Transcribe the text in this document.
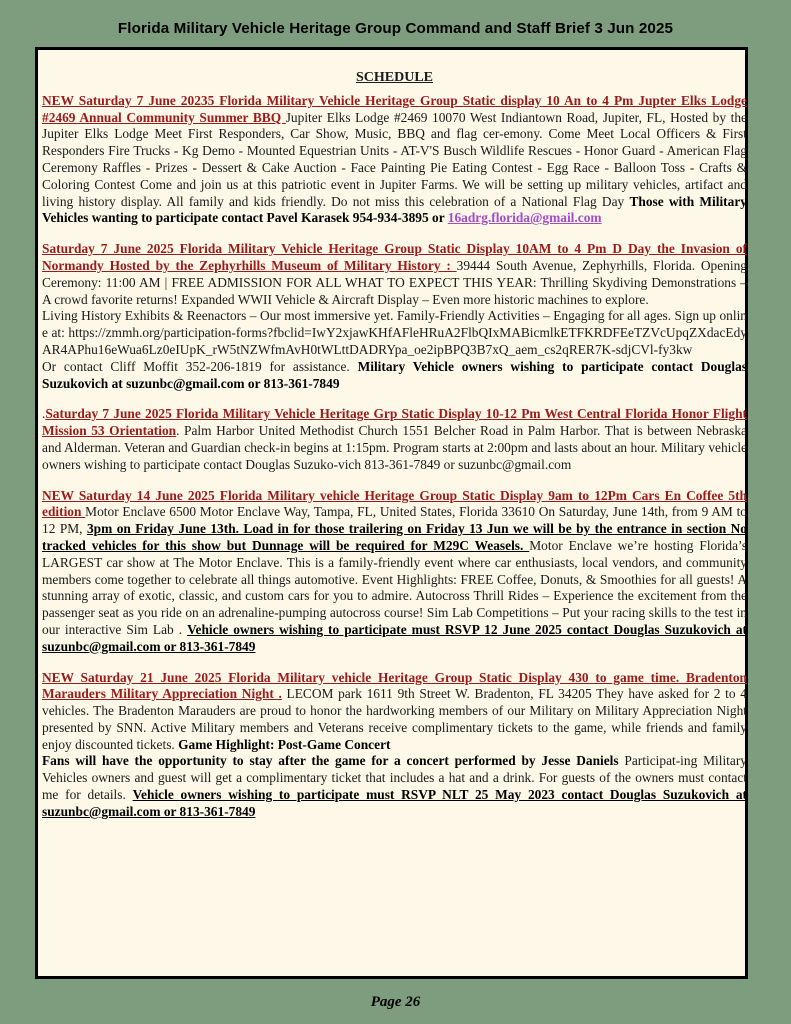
Florida Military Vehicle Heritage Group Command and Staff Brief 3 Jun 2025
SCHEDULE

NEW Saturday 7 June 20235 Florida Military Vehicle Heritage Group Static display 10 An to 4 Pm Jupter Elks Lodge #2469 Annual Community Summer BBQ Jupiter Elks Lodge #2469 10070 West Indiantown Road, Jupiter, FL, Hosted by the Jupiter Elks Lodge Meet First Responders, Car Show, Music, BBQ and flag cer-emony. Come Meet Local Officers & First Responders Fire Trucks - Kg Demo - Mounted Equestrian Units - AT-V'S Busch Wildlife Rescues - Honor Guard - American Flag Ceremony Raffles - Prizes - Dessert & Cake Auction - Face Painting Pie Eating Contest - Egg Race - Balloon Toss - Crafts & Coloring Contest Come and join us at this patriotic event in Jupiter Farms. We will be setting up military vehicles, artifact and living history display. All family and kids friendly. Do not miss this celebration of a National Flag Day Those with Military Vehicles wanting to participate contact Pavel Karasek 954-934-3895 or 16adrg.florida@gmail.com

Saturday 7 June 2025 Florida Military Vehicle Heritage Group Static Display 10AM to 4 Pm D Day the Invasion of Normandy Hosted by the Zephyrhills Museum of Military History : 39444 South Avenue, Zephyrhills, Florida. Opening Ceremony: 11:00 AM | FREE ADMISSION FOR ALL WHAT TO EXPECT THIS YEAR: Thrilling Skydiving Demonstrations – A crowd favorite returns! Expanded WWII Vehicle & Aircraft Display – Even more historic machines to explore.
Living History Exhibits & Reenactors – Our most immersive yet. Family-Friendly Activities – Engaging for all ages. Sign up online at: https://zmmh.org/participation-forms?fbclid=IwY2xjawKHfAFleHRuA2FlbQIxMABicmlkETFKRDFEeTZVcUpqZXdacEdyAR4APhu16eWua6Lz0eIUpK_rW5tNZWfmAvH0tWLttDADRYpa_oe2ipBPQ3B7xQ_aem_cs2qRER7K-sdjCVl-fy3kw
Or contact Cliff Moffit 352-206-1819 for assistance. Military Vehicle owners wishing to participate contact Douglas Suzukovich at suzunbc@gmail.com or 813-361-7849

.Saturday 7 June 2025 Florida Military Vehicle Heritage Grp Static Display 10-12 Pm West Central Florida Honor Flight Mission 53 Orientation. Palm Harbor United Methodist Church 1551 Belcher Road in Palm Harbor. That is between Nebraska and Alderman. Veteran and Guardian check-in begins at 1:15pm. Program starts at 2:00pm and lasts about an hour. Military vehicle owners wishing to participate contact Douglas Suzuko-vich 813-361-7849 or suzunbc@gmail.com

NEW Saturday 14 June 2025 Florida Military vehicle Heritage Group Static Display 9am to 12Pm Cars En Coffee 5th edition Motor Enclave 6500 Motor Enclave Way, Tampa, FL, United States, Florida 33610 On Saturday, June 14th, from 9 AM to 12 PM, 3pm on Friday June 13th. Load in for those trailering on Friday 13 Jun we will be by the entrance in section No tracked vehicles for this show but Dunnage will be required for M29C Weasels. Motor Enclave we’re hosting Florida’s LARGEST car show at The Motor Enclave. This is a family-friendly event where car enthusiasts, local vendors, and community members come together to celebrate all things automotive. Event Highlights: FREE Coffee, Donuts, & Smoothies for all guests! A stunning array of exotic, classic, and custom cars for you to admire. Autocross Thrill Rides – Experience the excitement from the passenger seat as you ride on an adrenaline-pumping autocross course! Sim Lab Competitions – Put your racing skills to the test in our interactive Sim Lab . Vehicle owners wishing to participate must RSVP 12 June 2025 contact Douglas Suzukovich at suzunbc@gmail.com or 813-361-7849

NEW Saturday 21 June 2025 Florida Military vehicle Heritage Group Static Display 430 to game time. Bradenton Marauders Military Appreciation Night . LECOM park 1611 9th Street W. Bradenton, FL 34205 They have asked for 2 to 4 vehicles. The Bradenton Marauders are proud to honor the hardworking members of our Military on Military Appreciation Night presented by SNN. Active Military members and Veterans receive complimentary tickets to the game, while friends and family enjoy discounted tickets. Game Highlight: Post-Game Concert
Fans will have the opportunity to stay after the game for a concert performed by Jesse Daniels Participat-ing Military Vehicles owners and guest will get a complimentary ticket that includes a hat and a drink. For guests of the owners must contact me for details. Vehicle owners wishing to participate must RSVP NLT 25 May 2023 contact Douglas Suzukovich at suzunbc@gmail.com or 813-361-7849

Page 26
